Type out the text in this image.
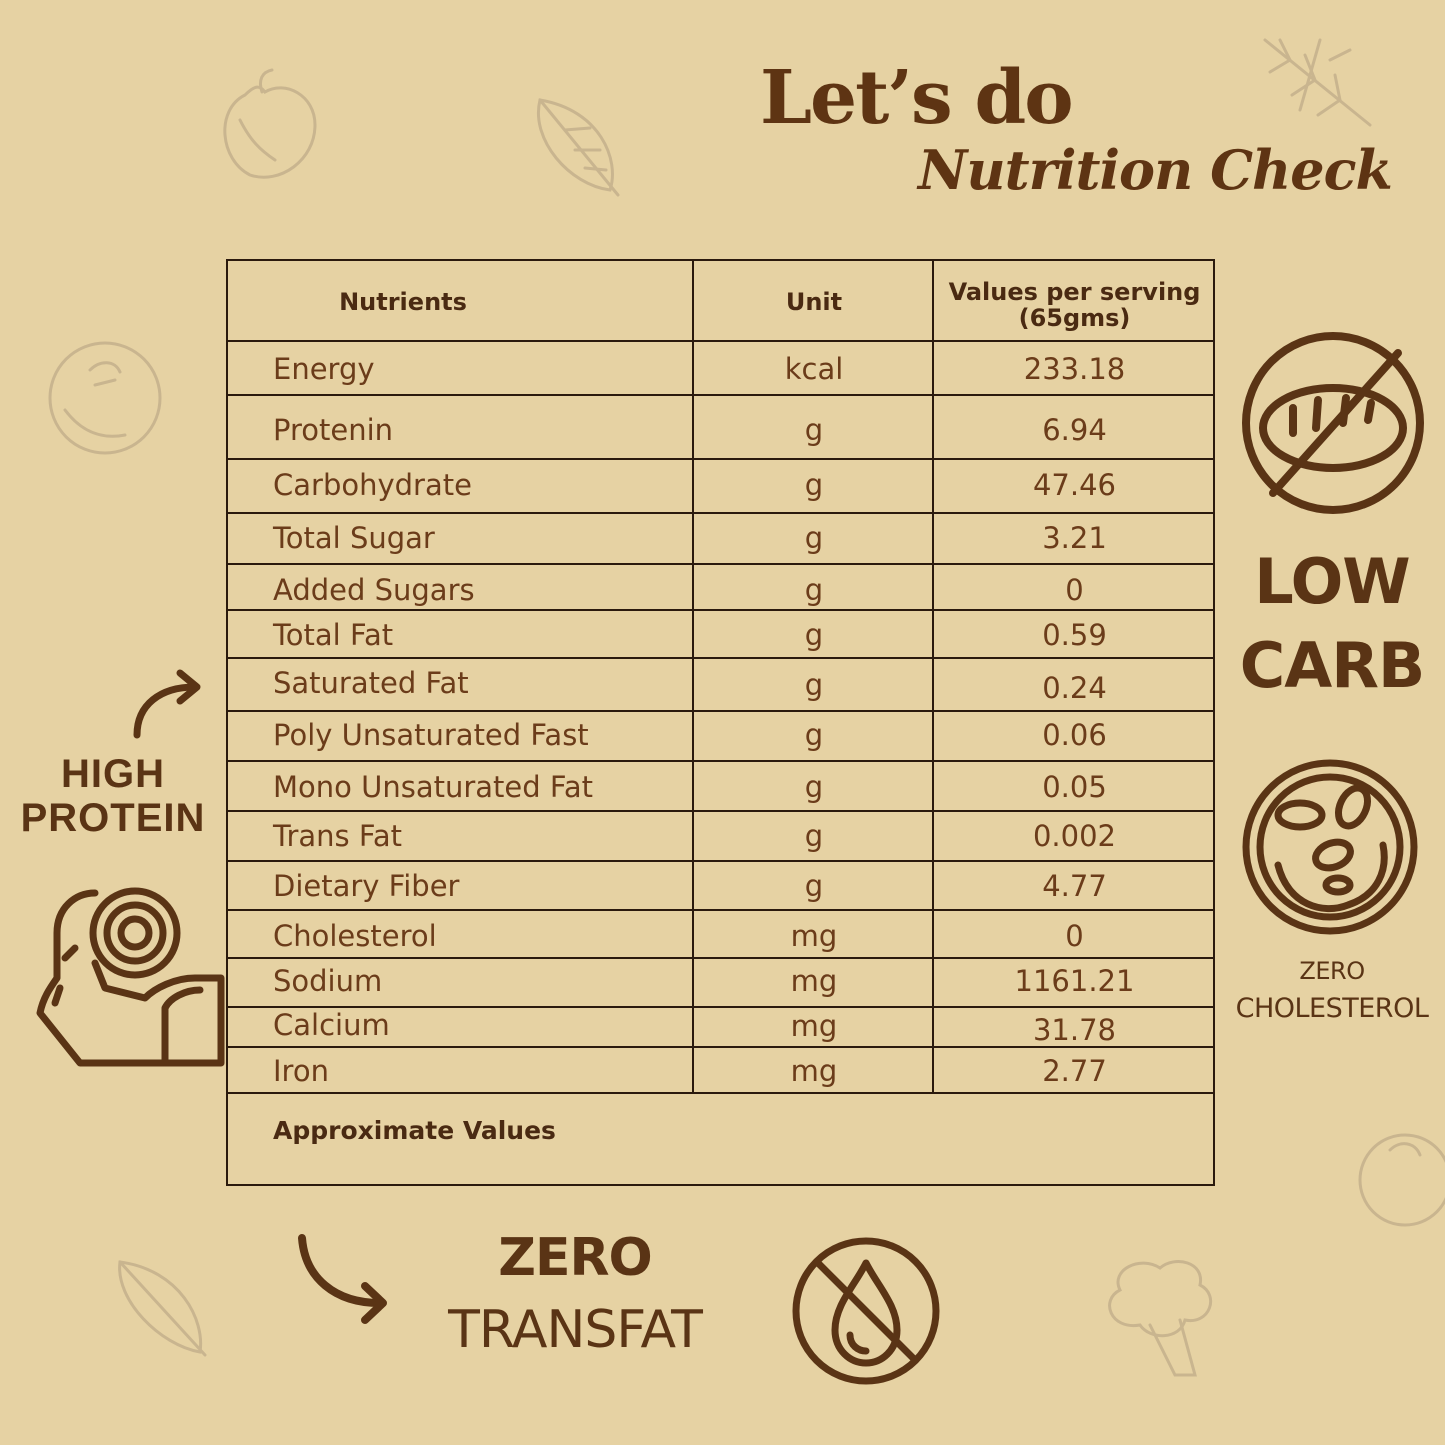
Let’s do
Nutrition Check
Nutrients	Unit	Values per serving
(65gms)
Energy	kcal	233.18
Protenin	g	6.94
Carbohydrate	g	47.46
Total Sugar	g	3.21
Added Sugars	g	0
Total Fat	g	0.59
Saturated Fat	g	0.24
Poly Unsaturated Fast	g	0.06
Mono Unsaturated Fat	g	0.05
Trans Fat	g	0.002
Dietary Fiber	g	4.77
Cholesterol	mg	0
Sodium	mg	1161.21
Calcium	mg	31.78
Iron	mg	2.77
Approximate Values
HIGH
PROTEIN
LOW
CARB
ZERO
CHOLESTEROL
ZERO
TRANSFAT
